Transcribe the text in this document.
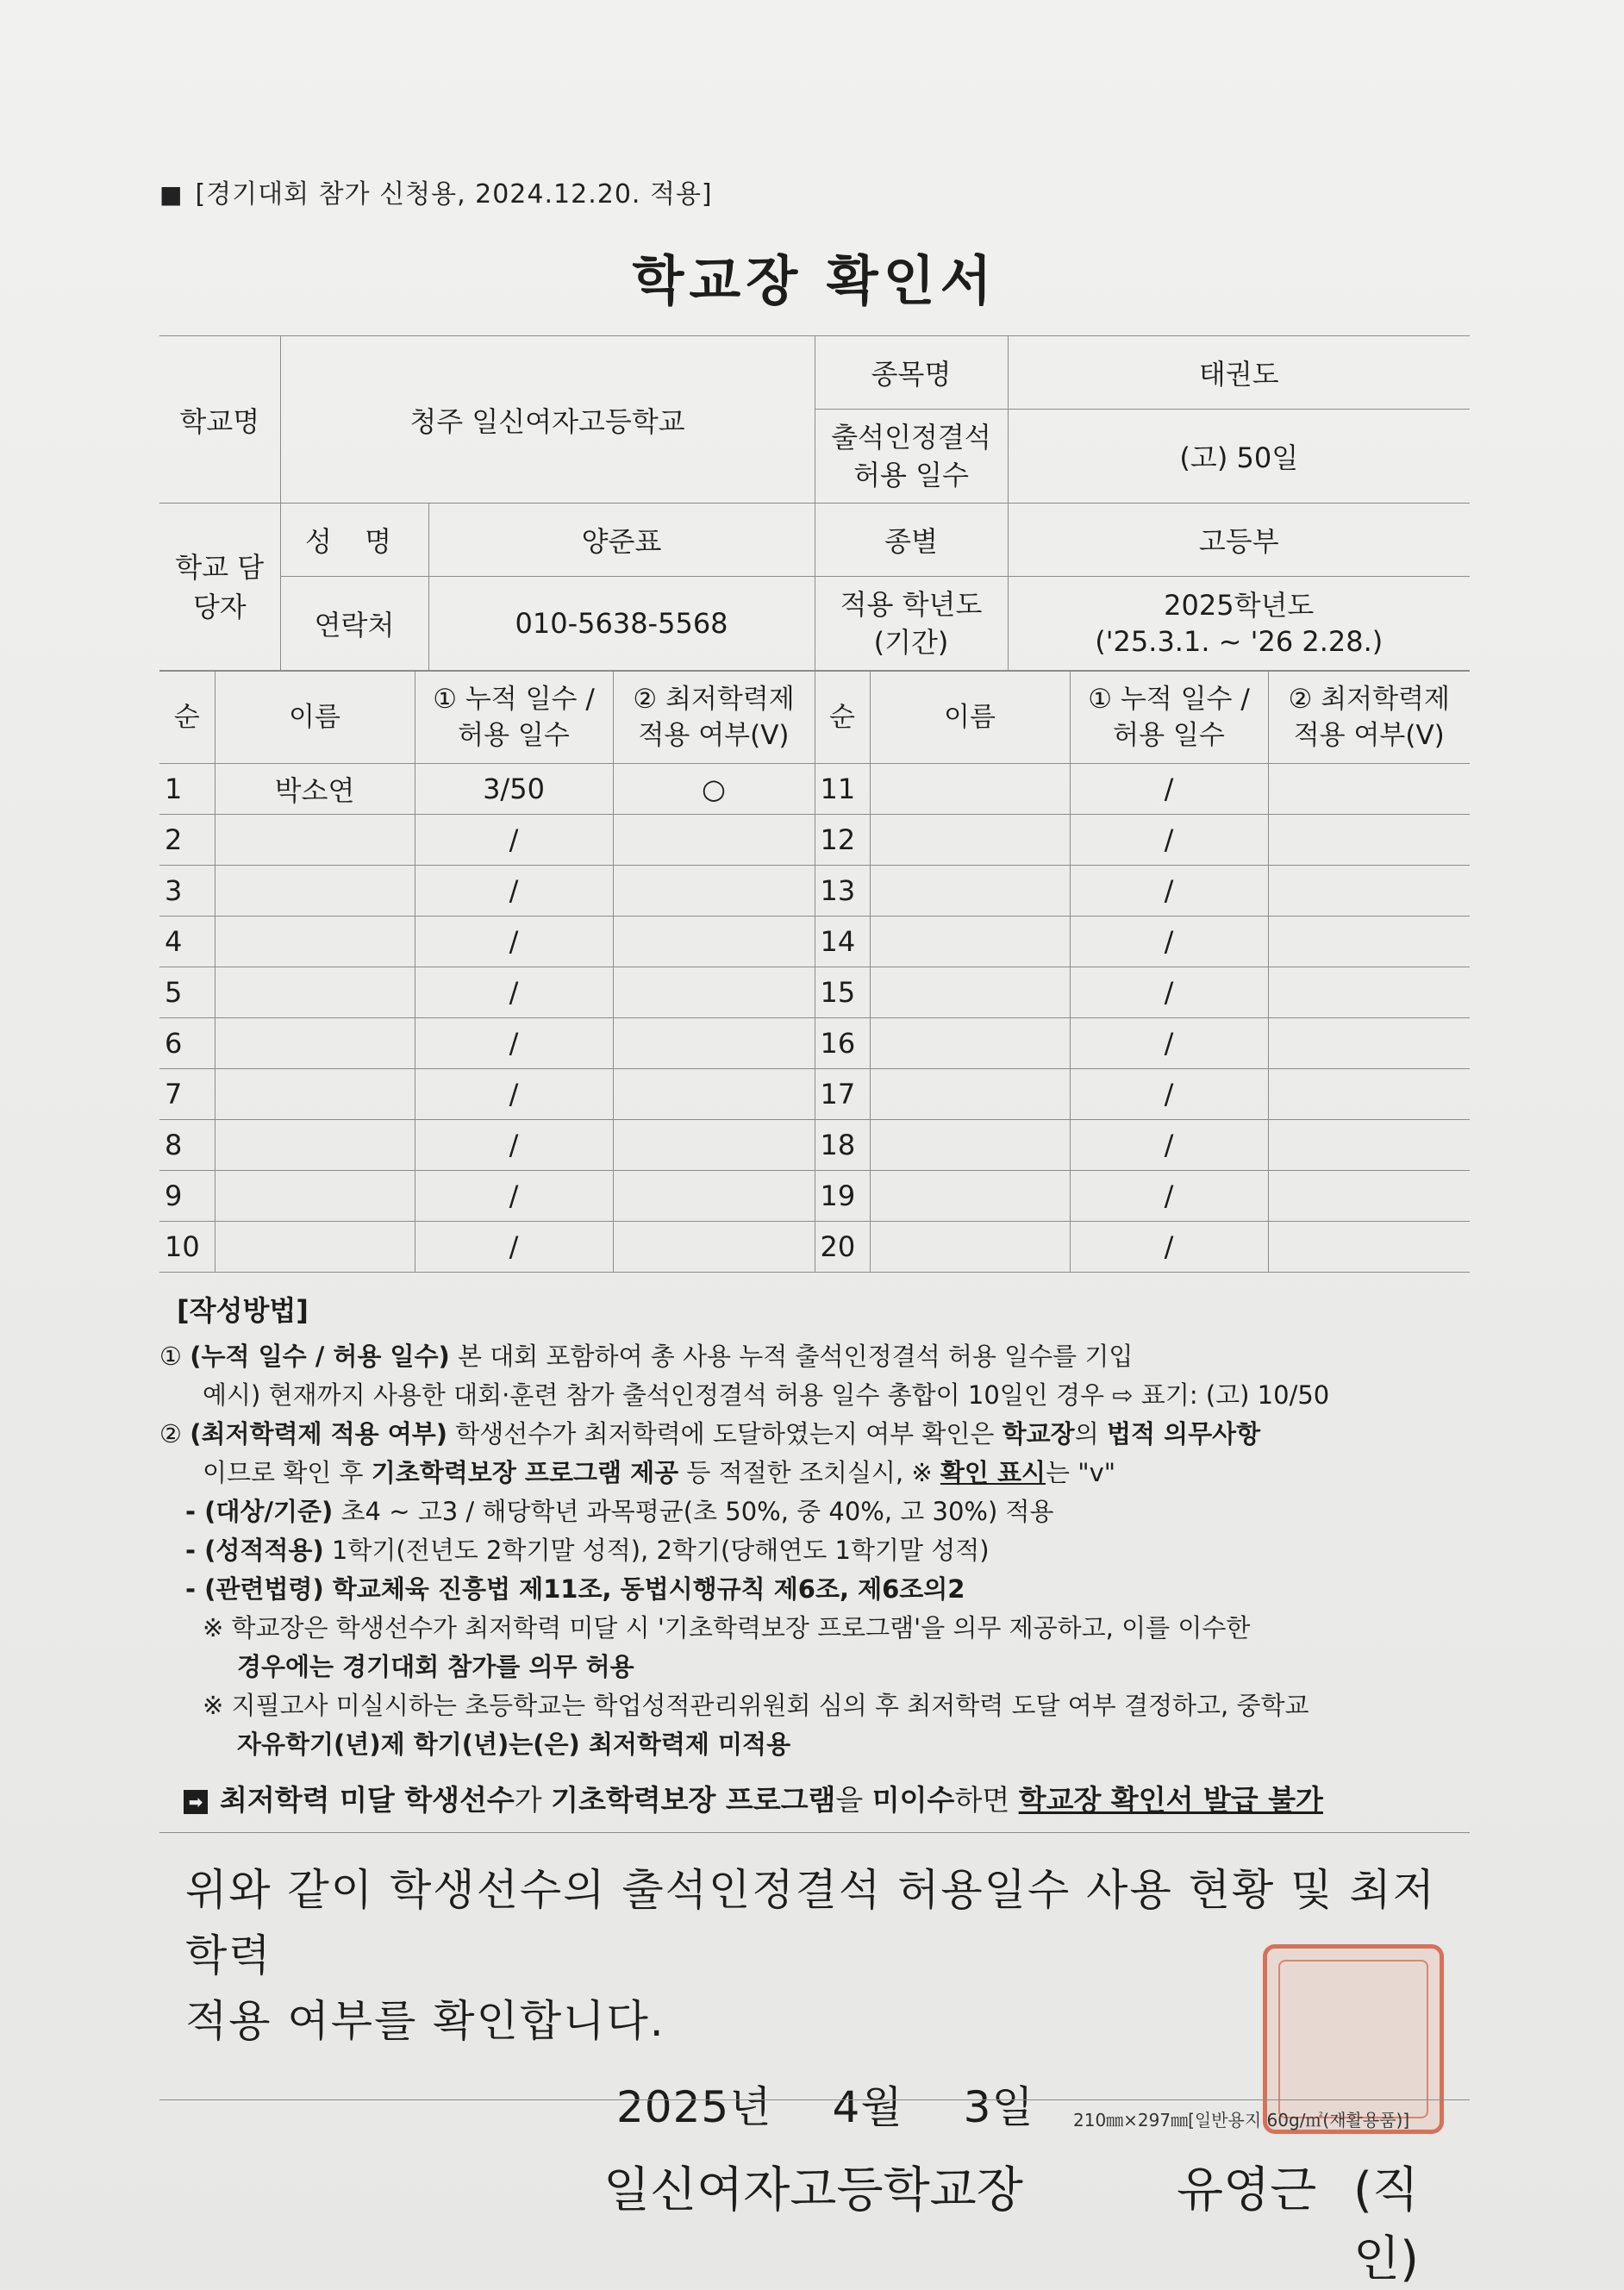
■ [경기대회 참가 신청용, 2024.12.20. 적용]
학교장 확인서
학교명	청주 일신여자고등학교		종목명	태권도
			출석인정결석 허용 일수	(고) 50일
학교 담당자	성 명	양준표	종별	고등부
	연락처	010-5638-5568	적용 학년도 (기간)	2025학년도
('25.3.1. ~ '26 2.28.)
순	이름	① 누적 일수 / 허용 일수	② 최저학력제 적용 여부(V)	순	이름	① 누적 일수 / 허용 일수	② 최저학력제 적용 여부(V)
1	박소연	3/50	○	11		/	
2		/		12		/	
3		/		13		/	
4		/		14		/	
5		/		15		/	
6		/		16		/	
7		/		17		/	
8		/		18		/	
9		/		19		/	
10		/		20		/	
[작성방법]
① (누적 일수 / 허용 일수) 본 대회 포함하여 총 사용 누적 출석인정결석 허용 일수를 기입
예시) 현재까지 사용한 대회·훈련 참가 출석인정결석 허용 일수 총합이 10일인 경우 ⇨ 표기: (고) 10/50
② (최저학력제 적용 여부) 학생선수가 최저학력에 도달하였는지 여부 확인은 학교장의 법적 의무사항
이므로 확인 후 기초학력보장 프로그램 제공 등 적절한 조치실시, ※ 확인 표시는 "v"
- (대상/기준) 초4 ~ 고3 / 해당학년 과목평균(초 50%, 중 40%, 고 30%) 적용
- (성적적용) 1학기(전년도 2학기말 성적), 2학기(당해연도 1학기말 성적)
- (관련법령) 학교체육 진흥법 제11조, 동법시행규칙 제6조, 제6조의2
※ 학교장은 학생선수가 최저학력 미달 시 '기초학력보장 프로그램'을 의무 제공하고, 이를 이수한
경우에는 경기대회 참가를 의무 허용
※ 지필고사 미실시하는 초등학교는 학업성적관리위원회 심의 후 최저학력 도달 여부 결정하고, 중학교
자유학기(년)제 학기(년)는(은) 최저학력제 미적용
➡ 최저학력 미달 학생선수가 기초학력보장 프로그램을 미이수하면 학교장 확인서 발급 불가
위와 같이 학생선수의 출석인정결석 허용일수 사용 현황 및 최저학력
적용 여부를 확인합니다.
2025년 4월 3일
일신여자고등학교장	유영근 (직인)
210㎜×297㎜[일반용지 60g/㎡(재활용품)]
